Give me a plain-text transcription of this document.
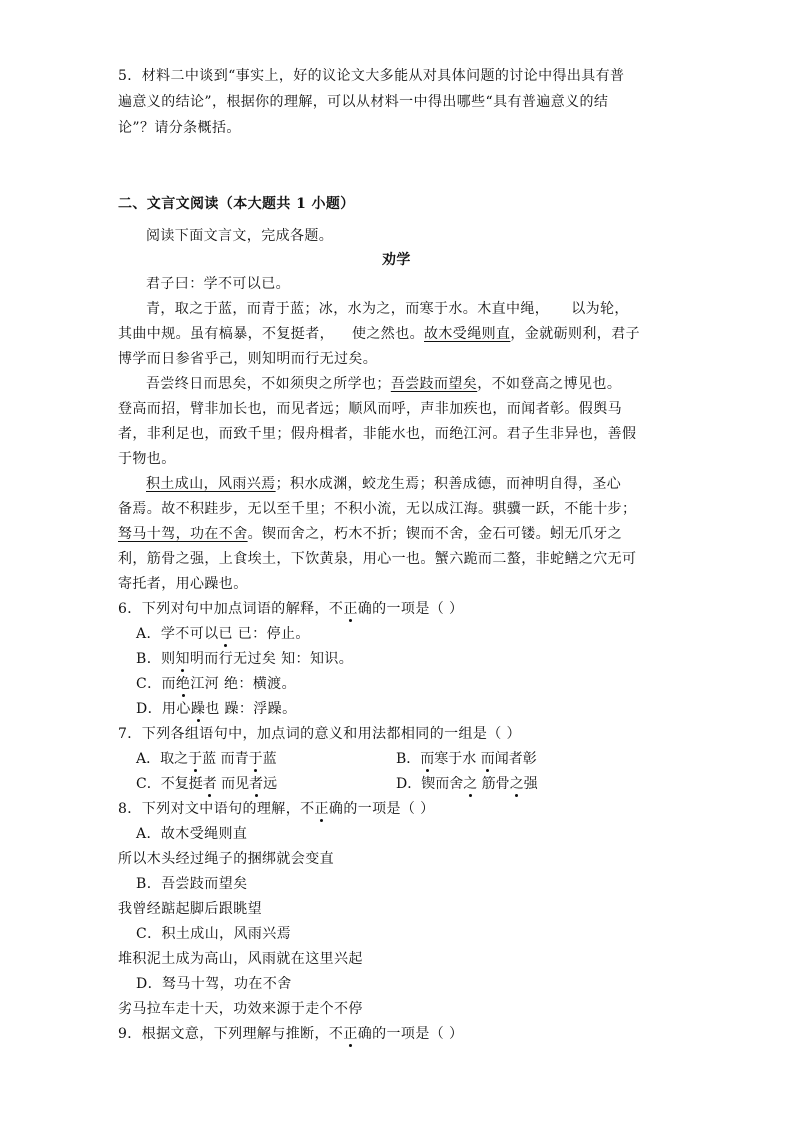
5．材料二中谈到“事实上，好的议论文大多能从对具体问题的讨论中得出具有普
遍意义的结论”，根据你的理解，可以从材料一中得出哪些“具有普遍意义的结
论”？请分条概括。
二、文言文阅读（本大题共 1 小题）
阅读下面文言文，完成各题。
劝学
君子曰：学不可以已。
青，取之于蓝，而青于蓝；冰，水为之，而寒于水。木直中绳， 以为轮，
其曲中规。虽有槁暴，不复挺者， 使之然也。故木受绳则直，金就砺则利，君子
博学而日参省乎己，则知明而行无过矣。
吾尝终日而思矣，不如须臾之所学也；吾尝跂而望矣，不如登高之博见也。
登高而招，臂非加长也，而见者远；顺风而呼，声非加疾也，而闻者彰。假舆马
者，非利足也，而致千里；假舟楫者，非能水也，而绝江河。君子生非异也，善假
于物也。
积土成山，风雨兴焉；积水成渊，蛟龙生焉；积善成德，而神明自得，圣心
备焉。故不积跬步，无以至千里；不积小流，无以成江海。骐骥一跃，不能十步；
驽马十驾，功在不舍。锲而舍之，朽木不折；锲而不舍，金石可镂。蚓无爪牙之
利，筋骨之强，上食埃土，下饮黄泉，用心一也。蟹六跪而二螯，非蛇鳝之穴无可
寄托者，用心躁也。
6．下列对句中加点词语的解释，不正确的一项是（ ）
A．学不可以已 已：停止。
B．则知明而行无过矣 知：知识。
C．而绝江河 绝：横渡。
D．用心躁也 躁：浮躁。
7．下列各组语句中，加点词的意义和用法都相同的一组是（ ）
A．取之于蓝 而青于蓝	B．而寒于水 而闻者彰
C．不复挺者 而见者远	D．锲而舍之 筋骨之强
8．下列对文中语句的理解，不正确的一项是（ ）
A．故木受绳则直
所以木头经过绳子的捆绑就会变直
B．吾尝跂而望矣
我曾经踮起脚后跟眺望
C．积土成山，风雨兴焉
堆积泥土成为高山，风雨就在这里兴起
D．驽马十驾，功在不舍
劣马拉车走十天，功效来源于走个不停
9．根据文意，下列理解与推断，不正确的一项是（ ）
